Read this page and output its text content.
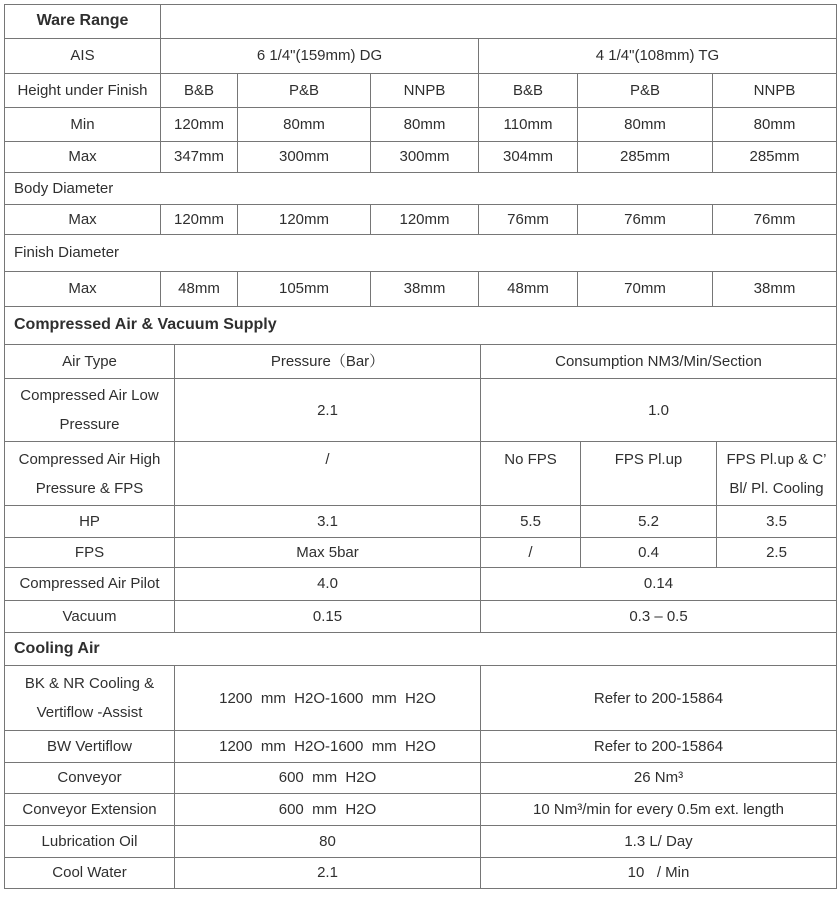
Ware Range						
AIS	6 1/4"(159mm) DG			4 1/4"(108mm) TG		
Height under Finish	B&B	P&B	NNPB	B&B	P&B	NNPB
Min	120mm	80mm	80mm	110mm	80mm	80mm
Max	347mm	300mm	300mm	304mm	285mm	285mm
Body Diameter						
Max	120mm	120mm	120mm	76mm	76mm	76mm
Finish Diameter						
Max	48mm	105mm	38mm	48mm	70mm	38mm
Compressed Air & Vacuum Supply				
Air Type	Pressure（Bar）	Consumption NM3/Min/Section		
Compressed Air Low Pressure	2.1	1.0		
Compressed Air High Pressure & FPS	/	No FPS	FPS Pl.up	FPS Pl.up & C’ Bl/ Pl. Cooling
HP	3.1	5.5	5.2	3.5
FPS	Max 5bar	/	0.4	2.5
Compressed Air Pilot	4.0	0.14		
Vacuum	0.15	0.3 – 0.5		
Cooling Air		
BK & NR Cooling & Vertiflow -Assist	1200  mm  H2O-1600  mm  H2O	Refer to 200-15864
BW Vertiflow	1200  mm  H2O-1600  mm  H2O	Refer to 200-15864
Conveyor	600  mm  H2O	26 Nm³
Conveyor Extension	600  mm  H2O	10 Nm³/min for every 0.5m ext. length
Lubrication Oil	80	1.3 L/ Day
Cool Water	2.1	10   / Min
